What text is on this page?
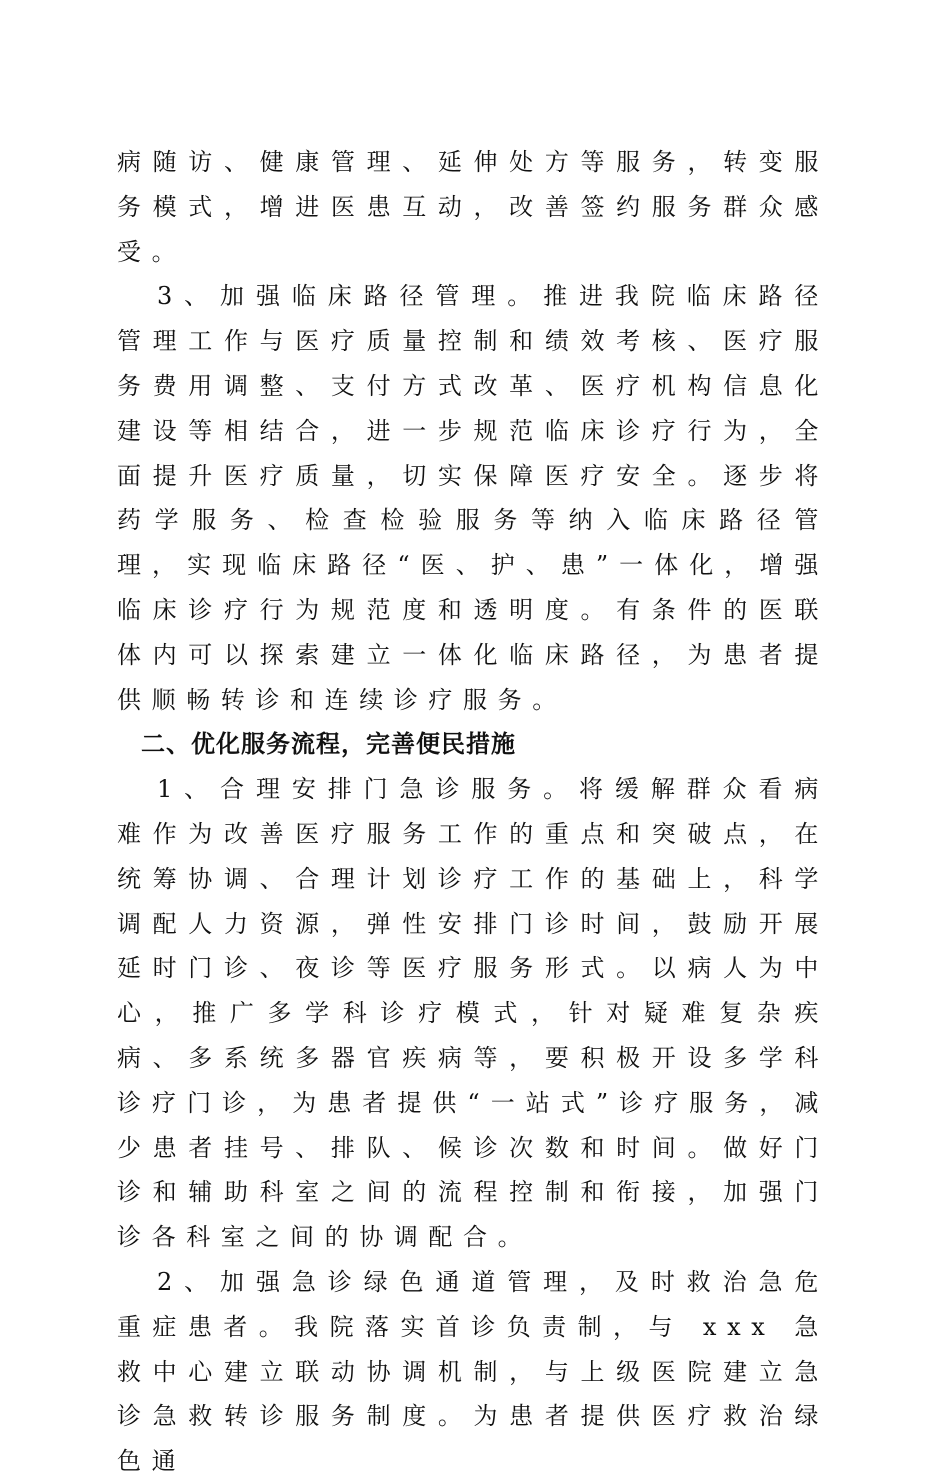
病随访、健康管理、延伸处方等服务，转变服务模式，增进医患互动，改善签约服务群众感受。

3、加强临床路径管理。推进我院临床路径管理工作与医疗质量控制和绩效考核、医疗服务费用调整、支付方式改革、医疗机构信息化建设等相结合，进一步规范临床诊疗行为，全面提升医疗质量，切实保障医疗安全。逐步将药学服务、检查检验服务等纳入临床路径管理，实现临床路径“医、护、患”一体化，增强临床诊疗行为规范度和透明度。有条件的医联体内可以探索建立一体化临床路径，为患者提供顺畅转诊和连续诊疗服务。

二、优化服务流程，完善便民措施

1、合理安排门急诊服务。将缓解群众看病难作为改善医疗服务工作的重点和突破点，在统筹协调、合理计划诊疗工作的基础上，科学调配人力资源，弹性安排门诊时间，鼓励开展延时门诊、夜诊等医疗服务形式。以病人为中心，推广多学科诊疗模式，针对疑难复杂疾病、多系统多器官疾病等，要积极开设多学科诊疗门诊，为患者提供“一站式”诊疗服务，减少患者挂号、排队、候诊次数和时间。做好门诊和辅助科室之间的流程控制和衔接，加强门诊各科室之间的协调配合。

2、加强急诊绿色通道管理，及时救治急危重症患者。我院落实首诊负责制，与 xxx 急救中心建立联动协调机制，与上级医院建立急诊急救转诊服务制度。为患者提供医疗救治绿色通
